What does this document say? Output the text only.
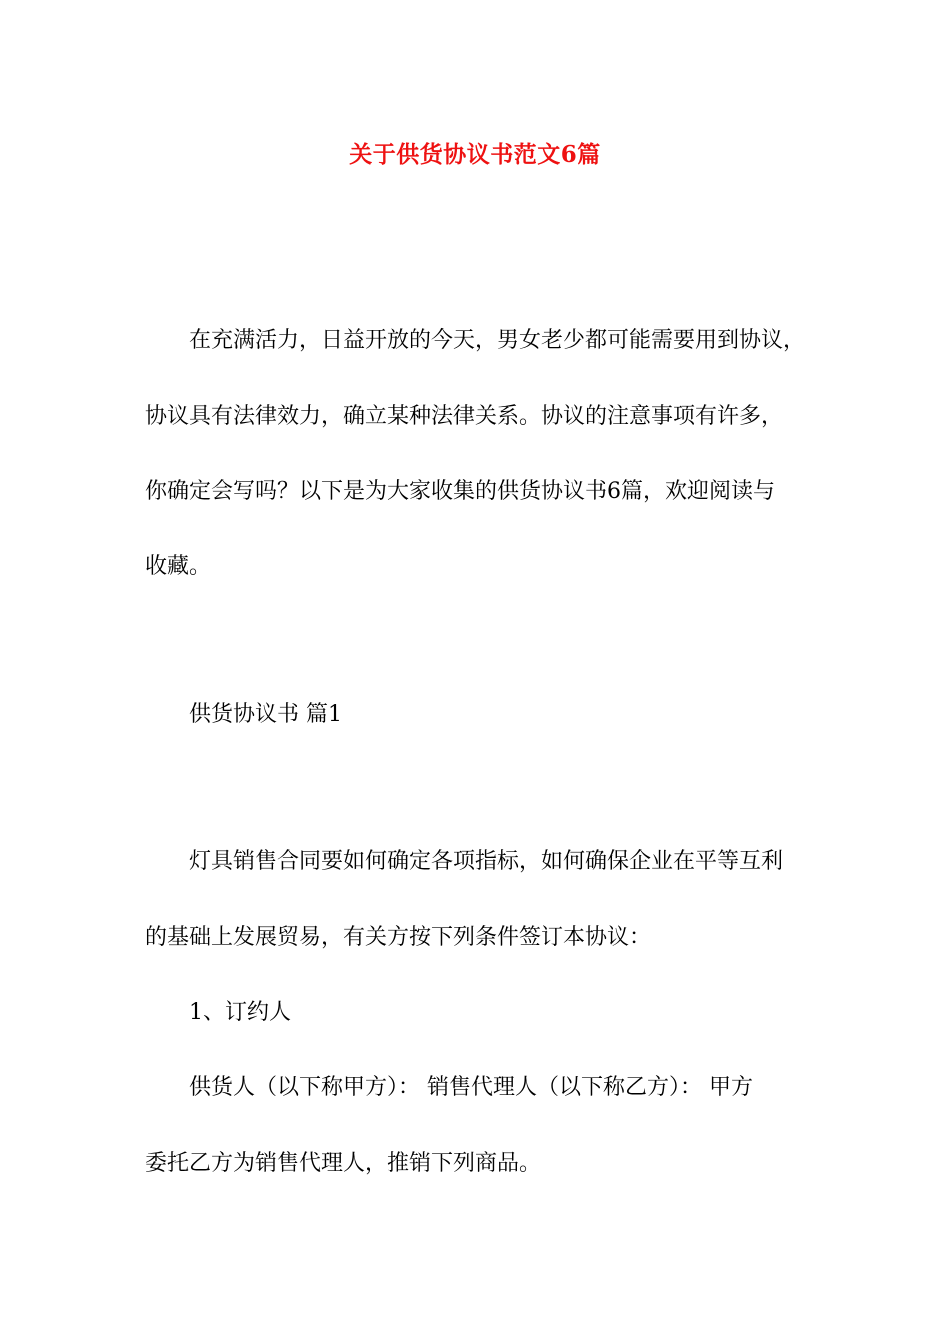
关于供货协议书范文6篇
在充满活力，日益开放的今天，男女老少都可能需要用到协议，
协议具有法律效力，确立某种法律关系。协议的注意事项有许多，
你确定会写吗？以下是为大家收集的供货协议书6篇，欢迎阅读与
收藏。
供货协议书 篇1
灯具销售合同要如何确定各项指标，如何确保企业在平等互利
的基础上发展贸易，有关方按下列条件签订本协议：
1、订约人
供货人（以下称甲方）： 销售代理人（以下称乙方）： 甲方
委托乙方为销售代理人，推销下列商品。
